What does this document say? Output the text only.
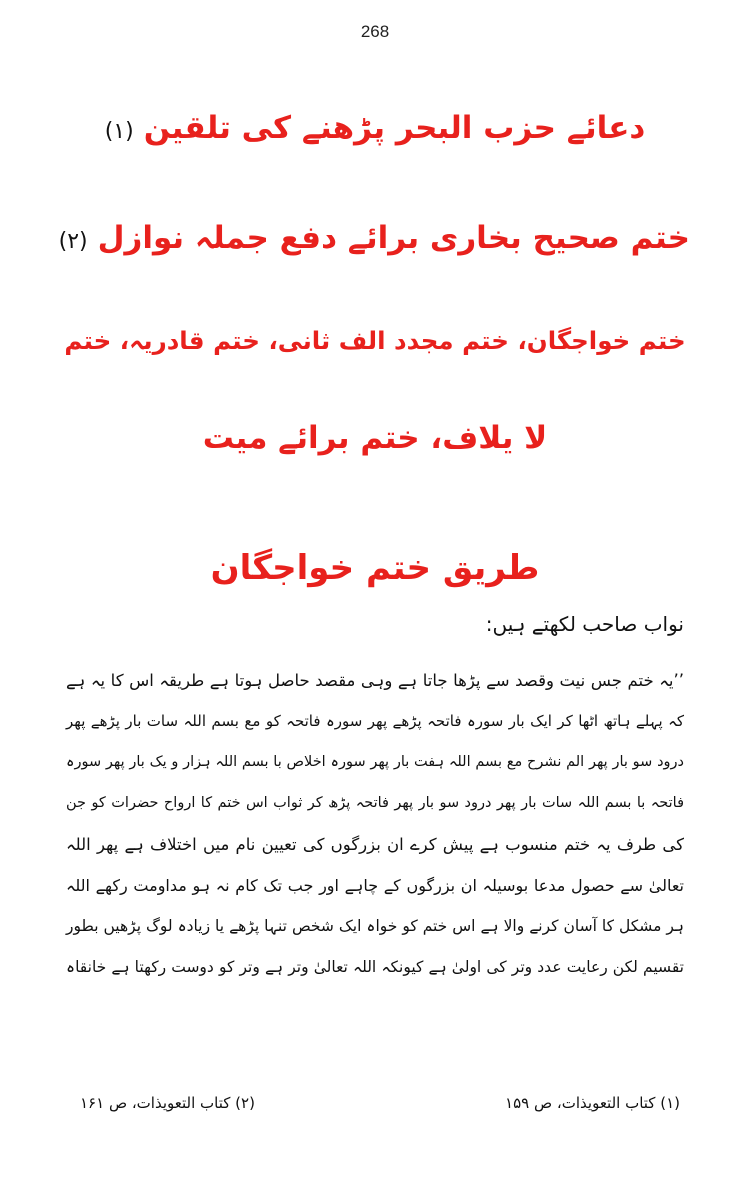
268
دعائے حزب البحر پڑھنے کی تلقین(۱)
ختم صحیح بخاری برائے دفع جملہ نوازل(۲)
ختم خواجگان، ختم مجدد الف ثانی، ختم قادریہ، ختم
لا یلاف، ختم برائے میت
طریق ختم خواجگان
نواب صاحب لکھتے ہیں:
’’یہ ختم جس نیت وقصد سے پڑھا جاتا ہے وہی مقصد حاصل ہوتا ہے طریقہ اس کا یہ ہے
کہ پہلے ہاتھ اٹھا کر ایک بار سورہ فاتحہ پڑھے پھر سورہ فاتحہ کو مع بسم اللہ سات بار پڑھے پھر
درود سو بار پھر الم نشرح مع بسم اللہ ہفت بار پھر سورہ اخلاص با بسم اللہ ہزار و یک بار پھر سورہ
فاتحہ با بسم اللہ سات بار پھر درود سو بار پھر فاتحہ پڑھ کر ثواب اس ختم کا ارواح حضرات کو جن
کی طرف یہ ختم منسوب ہے پیش کرے ان بزرگوں کی تعیین نام میں اختلاف ہے پھر اللہ
تعالیٰ سے حصول مدعا بوسیلہ ان بزرگوں کے چاہے اور جب تک کام نہ ہو مداومت رکھے اللہ
ہر مشکل کا آسان کرنے والا ہے اس ختم کو خواہ ایک شخص تنہا پڑھے یا زیادہ لوگ پڑھیں بطور
تقسیم لکن رعایت عدد وتر کی اولیٰ ہے کیونکہ اللہ تعالیٰ وتر ہے وتر کو دوست رکھتا ہے خانقاہ
(۱) کتاب التعویذات، ص ۱۵۹
(۲) کتاب التعویذات، ص ۱۶۱
